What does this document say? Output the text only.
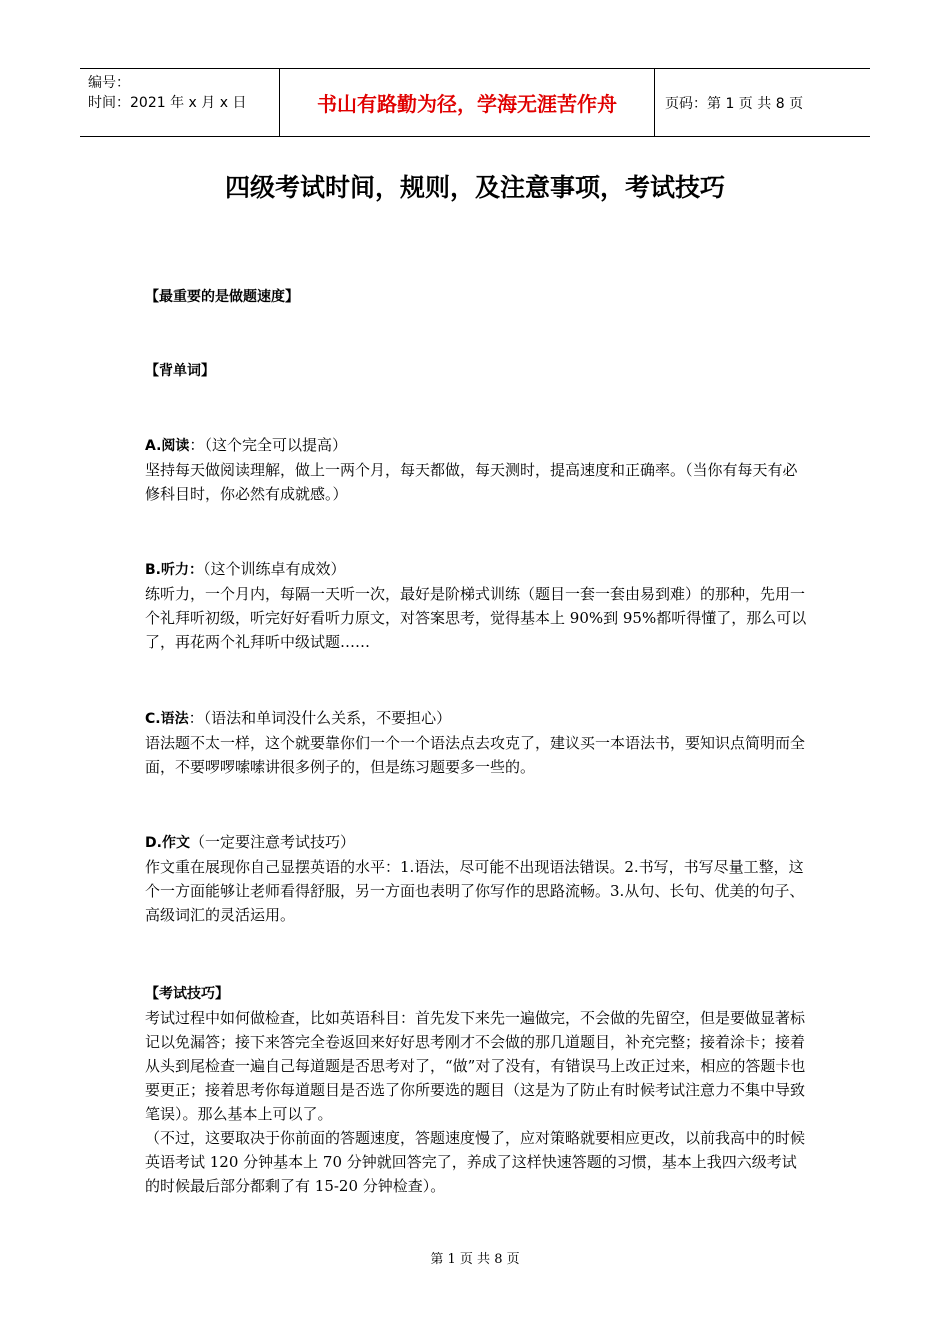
编号：
时间：2021 年 x 月 x 日	书山有路勤为径，学海无涯苦作舟	页码：第 1 页 共 8 页
四级考试时间，规则，及注意事项，考试技巧
【最重要的是做题速度】
【背单词】

A.阅读：（这个完全可以提高）

坚持每天做阅读理解，做上一两个月，每天都做，每天测时，提高速度和正确率。（当你有每天有必修科目时，你必然有成就感。）

B.听力：（这个训练卓有成效）

练听力，一个月内，每隔一天听一次，最好是阶梯式训练（题目一套一套由易到难）的那种，先用一个礼拜听初级，听完好好看听力原文，对答案思考，觉得基本上 90%到 95%都听得懂了，那么可以了，再花两个礼拜听中级试题……

C.语法：（语法和单词没什么关系，不要担心）

语法题不太一样，这个就要靠你们一个一个语法点去攻克了，建议买一本语法书，要知识点简明而全面，不要啰啰嗦嗦讲很多例子的，但是练习题要多一些的。

D.作文（一定要注意考试技巧）

作文重在展现你自己显摆英语的水平：1.语法，尽可能不出现语法错误。2.书写，书写尽量工整，这个一方面能够让老师看得舒服，另一方面也表明了你写作的思路流畅。3.从句、长句、优美的句子、高级词汇的灵活运用。

【考试技巧】

考试过程中如何做检查，比如英语科目：首先发下来先一遍做完，不会做的先留空，但是要做显著标记以免漏答；接下来答完全卷返回来好好思考刚才不会做的那几道题目，补充完整；接着涂卡；接着从头到尾检查一遍自己每道题是否思考对了，“做”对了没有，有错误马上改正过来，相应的答题卡也要更正；接着思考你每道题目是否选了你所要选的题目（这是为了防止有时候考试注意力不集中导致笔误）。那么基本上可以了。

（不过，这要取决于你前面的答题速度，答题速度慢了，应对策略就要相应更改，以前我高中的时候英语考试 120 分钟基本上 70 分钟就回答完了，养成了这样快速答题的习惯，基本上我四六级考试的时候最后部分都剩了有 15-20 分钟检查）。

第 1 页 共 8 页
